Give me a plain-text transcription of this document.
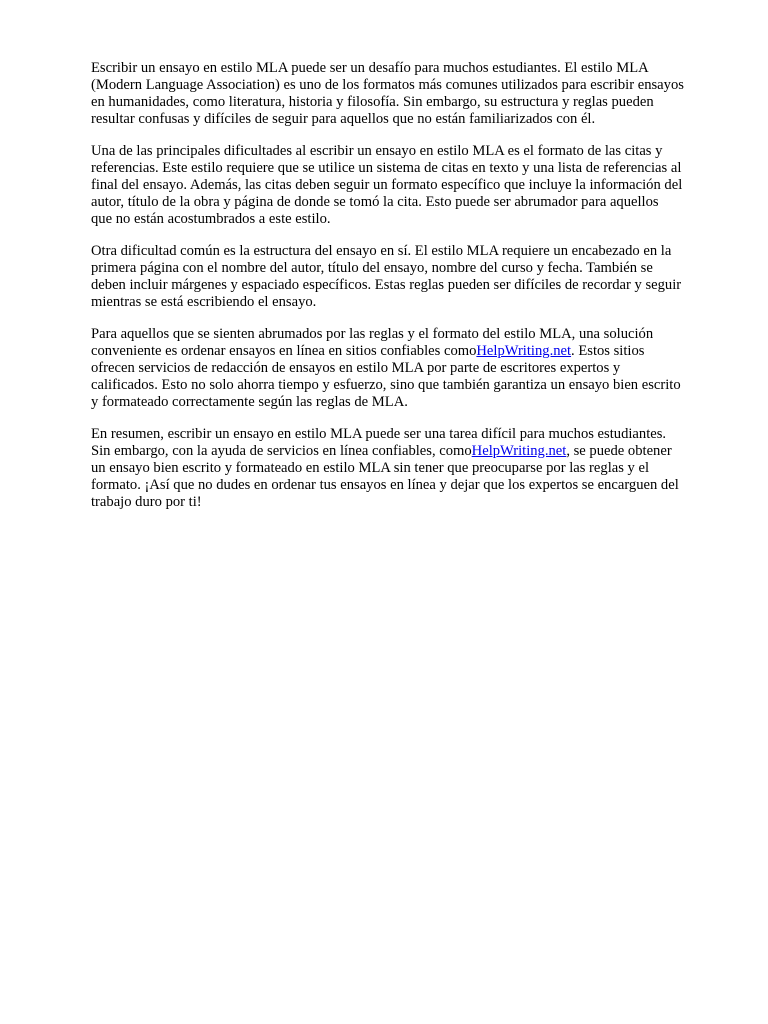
Escribir un ensayo en estilo MLA puede ser un desafío para muchos estudiantes. El estilo MLA
(Modern Language Association) es uno de los formatos más comunes utilizados para escribir ensayos
en humanidades, como literatura, historia y filosofía. Sin embargo, su estructura y reglas pueden
resultar confusas y difíciles de seguir para aquellos que no están familiarizados con él.

Una de las principales dificultades al escribir un ensayo en estilo MLA es el formato de las citas y
referencias. Este estilo requiere que se utilice un sistema de citas en texto y una lista de referencias al
final del ensayo. Además, las citas deben seguir un formato específico que incluye la información del
autor, título de la obra y página de donde se tomó la cita. Esto puede ser abrumador para aquellos
que no están acostumbrados a este estilo.

Otra dificultad común es la estructura del ensayo en sí. El estilo MLA requiere un encabezado en la
primera página con el nombre del autor, título del ensayo, nombre del curso y fecha. También se
deben incluir márgenes y espaciado específicos. Estas reglas pueden ser difíciles de recordar y seguir
mientras se está escribiendo el ensayo.

Para aquellos que se sienten abrumados por las reglas y el formato del estilo MLA, una solución
conveniente es ordenar ensayos en línea en sitios confiables comoHelpWriting.net. Estos sitios
ofrecen servicios de redacción de ensayos en estilo MLA por parte de escritores expertos y
calificados. Esto no solo ahorra tiempo y esfuerzo, sino que también garantiza un ensayo bien escrito
y formateado correctamente según las reglas de MLA.

En resumen, escribir un ensayo en estilo MLA puede ser una tarea difícil para muchos estudiantes.
Sin embargo, con la ayuda de servicios en línea confiables, comoHelpWriting.net, se puede obtener
un ensayo bien escrito y formateado en estilo MLA sin tener que preocuparse por las reglas y el
formato. ¡Así que no dudes en ordenar tus ensayos en línea y dejar que los expertos se encarguen del
trabajo duro por ti!
